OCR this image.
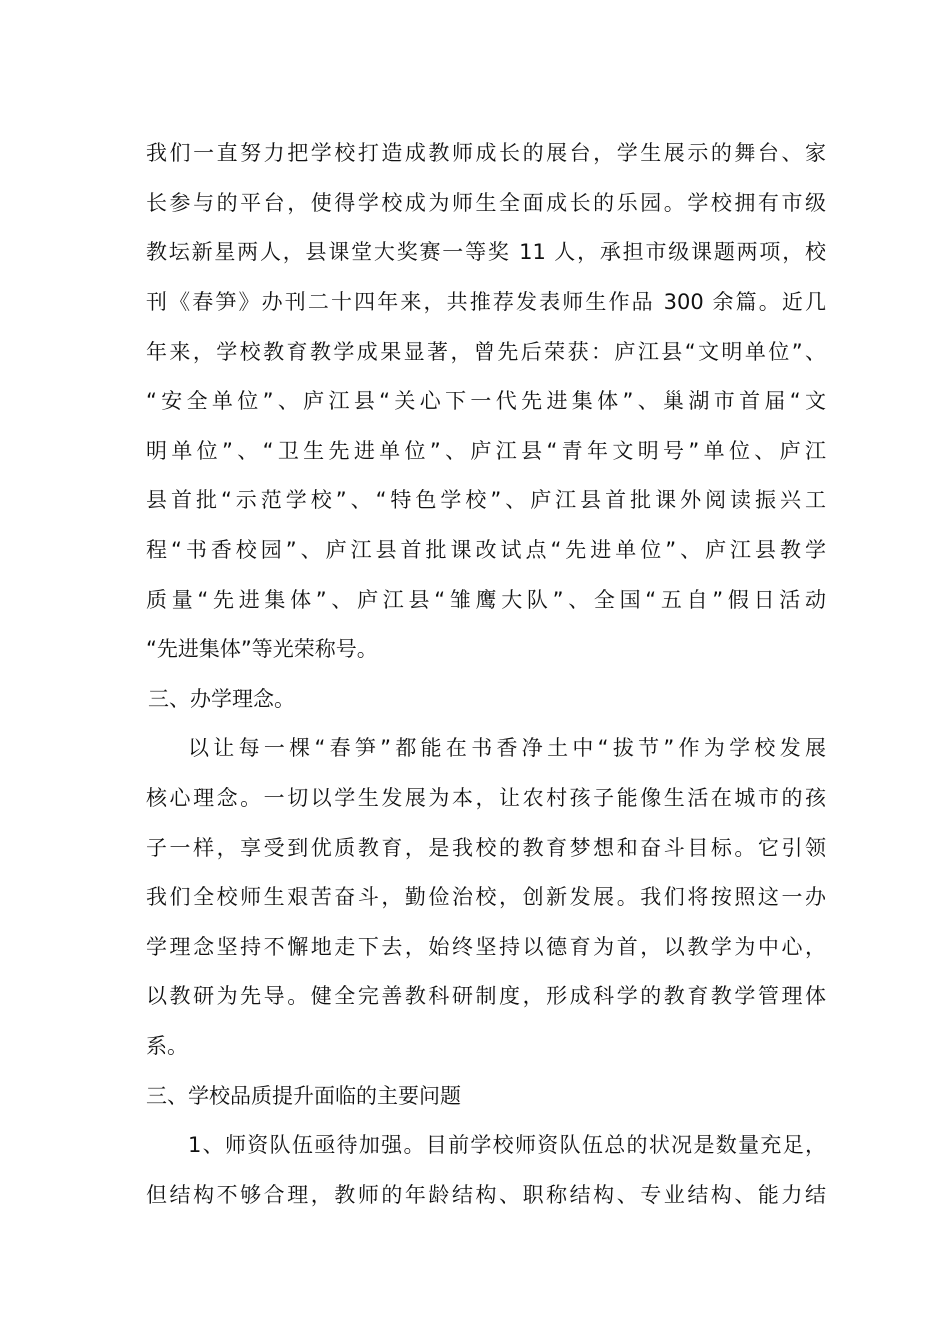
我们一直努力把学校打造成教师成长的展台，学生展示的舞台、家
长参与的平台，使得学校成为师生全面成长的乐园。学校拥有市级
教坛新星两人，县课堂大奖赛一等奖 11 人，承担市级课题两项，校
刊《春笋》办刊二十四年来，共推荐发表师生作品 300 余篇。近几
年来，学校教育教学成果显著，曾先后荣获：庐江县“文明单位”、
“安全单位”、庐江县“关心下一代先进集体”、巢湖市首届“文
明单位”、“卫生先进单位”、庐江县“青年文明号”单位、庐江
县首批“示范学校”、“特色学校”、庐江县首批课外阅读振兴工
程“书香校园”、庐江县首批课改试点“先进单位”、庐江县教学
质量“先进集体”、庐江县“雏鹰大队”、全国“五自”假日活动
“先进集体”等光荣称号。
三、办学理念。
以让每一棵“春笋”都能在书香净土中“拔节”作为学校发展
核心理念。一切以学生发展为本，让农村孩子能像生活在城市的孩
子一样，享受到优质教育，是我校的教育梦想和奋斗目标。它引领
我们全校师生艰苦奋斗，勤俭治校，创新发展。我们将按照这一办
学理念坚持不懈地走下去，始终坚持以德育为首，以教学为中心，
以教研为先导。健全完善教科研制度，形成科学的教育教学管理体
系。
三、学校品质提升面临的主要问题
1、师资队伍亟待加强。目前学校师资队伍总的状况是数量充足，
但结构不够合理，教师的年龄结构、职称结构、专业结构、能力结
